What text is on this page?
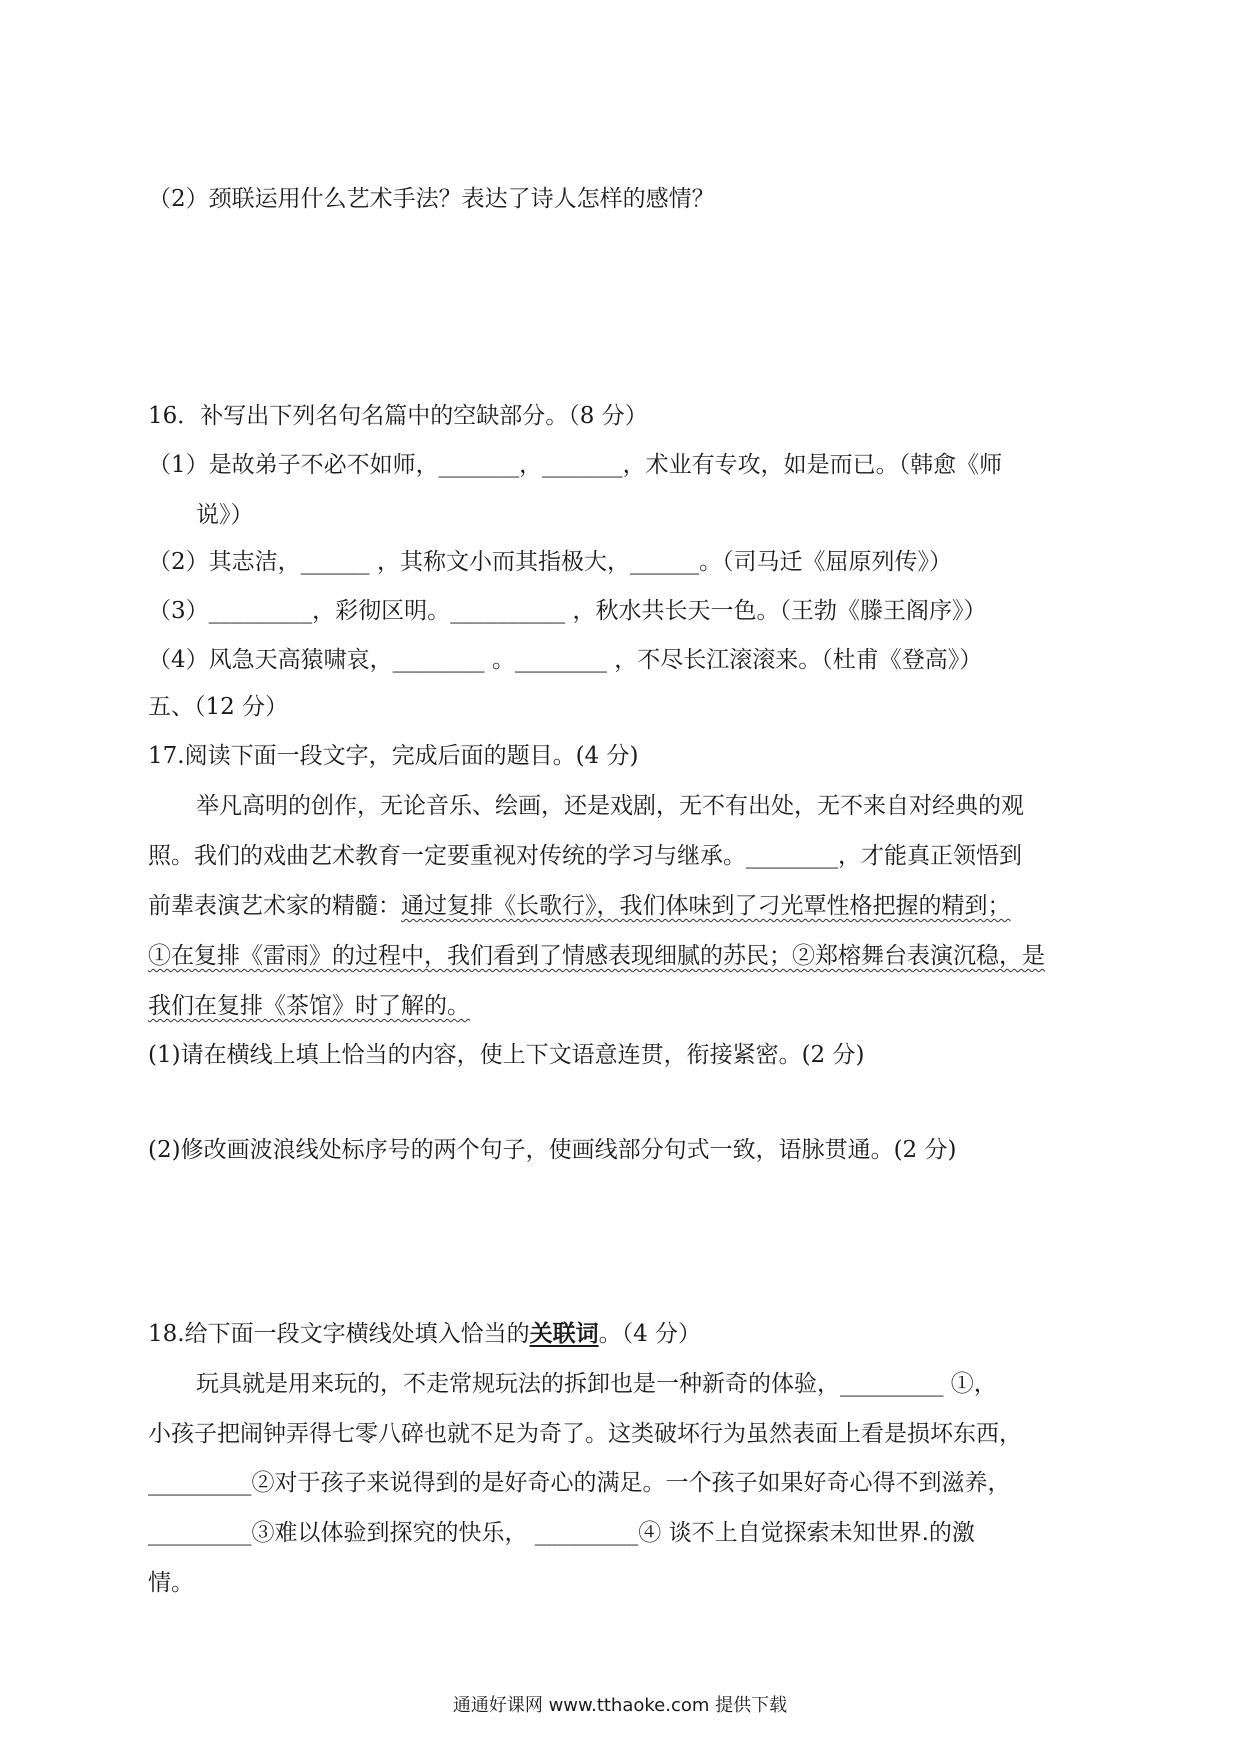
（2）颈联运用什么艺术手法？表达了诗人怎样的感情？
16．补写出下列名句名篇中的空缺部分。（8 分）
（1）是故弟子不必不如师，_______，_______，术业有专攻，如是而已。（韩愈《师
说》）
（2）其志洁，______ ，其称文小而其指极大，______。（司马迁《屈原列传》）
（3）_________，彩彻区明。__________ ，秋水共长天一色。（王勃《滕王阁序》）
（4）风急天高猿啸哀，________ 。________ ，不尽长江滚滚来。（杜甫《登高》）
五、（12 分）
17.阅读下面一段文字，完成后面的题目。(4 分)
举凡高明的创作，无论音乐、绘画，还是戏剧，无不有出处，无不来自对经典的观
照。我们的戏曲艺术教育一定要重视对传统的学习与继承。________，才能真正领悟到
前辈表演艺术家的精髓：通过复排《长歌行》，我们体味到了刁光覃性格把握的精到；
①在复排《雷雨》的过程中，我们看到了情感表现细腻的苏民；②郑榕舞台表演沉稳，是
我们在复排《茶馆》时了解的。
(1)请在横线上填上恰当的内容，使上下文语意连贯，衔接紧密。(2 分)
(2)修改画波浪线处标序号的两个句子，使画线部分句式一致，语脉贯通。(2 分)
18.给下面一段文字横线处填入恰当的关联词。（4 分）
玩具就是用来玩的，不走常规玩法的拆卸也是一种新奇的体验，_________ ①，
小孩子把闹钟弄得七零八碎也就不足为奇了。这类破坏行为虽然表面上看是损坏东西，
_________②对于孩子来说得到的是好奇心的满足。一个孩子如果好奇心得不到滋养，
_________③难以体验到探究的快乐， _________④ 谈不上自觉探索未知世界.的激
情。
通通好课网 www.tthaoke.com 提供下载
